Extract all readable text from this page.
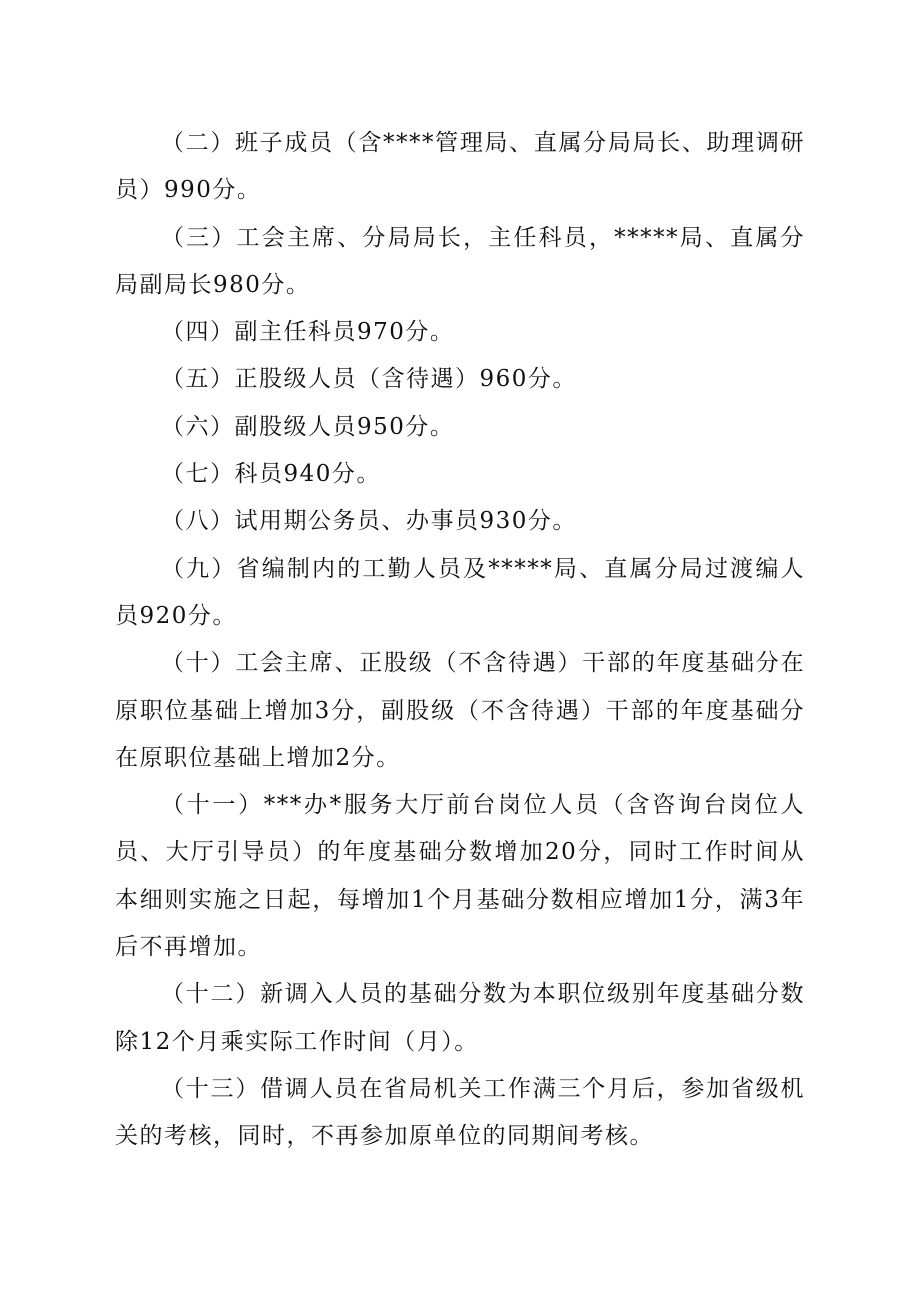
（二）班子成员（含****管理局、直属分局局长、助理调研员）990分。

（三）工会主席、分局局长，主任科员，*****局、直属分局副局长980分。

（四）副主任科员970分。

（五）正股级人员（含待遇）960分。

（六）副股级人员950分。

（七）科员940分。

（八）试用期公务员、办事员930分。

（九）省编制内的工勤人员及*****局、直属分局过渡编人员920分。

（十）工会主席、正股级（不含待遇）干部的年度基础分在原职位基础上增加3分，副股级（不含待遇）干部的年度基础分在原职位基础上增加2分。

（十一）***办*服务大厅前台岗位人员（含咨询台岗位人员、大厅引导员）的年度基础分数增加20分，同时工作时间从本细则实施之日起，每增加1个月基础分数相应增加1分，满3年后不再增加。

（十二）新调入人员的基础分数为本职位级别年度基础分数除12个月乘实际工作时间（月）。

（十三）借调人员在省局机关工作满三个月后，参加省级机关的考核，同时，不再参加原单位的同期间考核。
